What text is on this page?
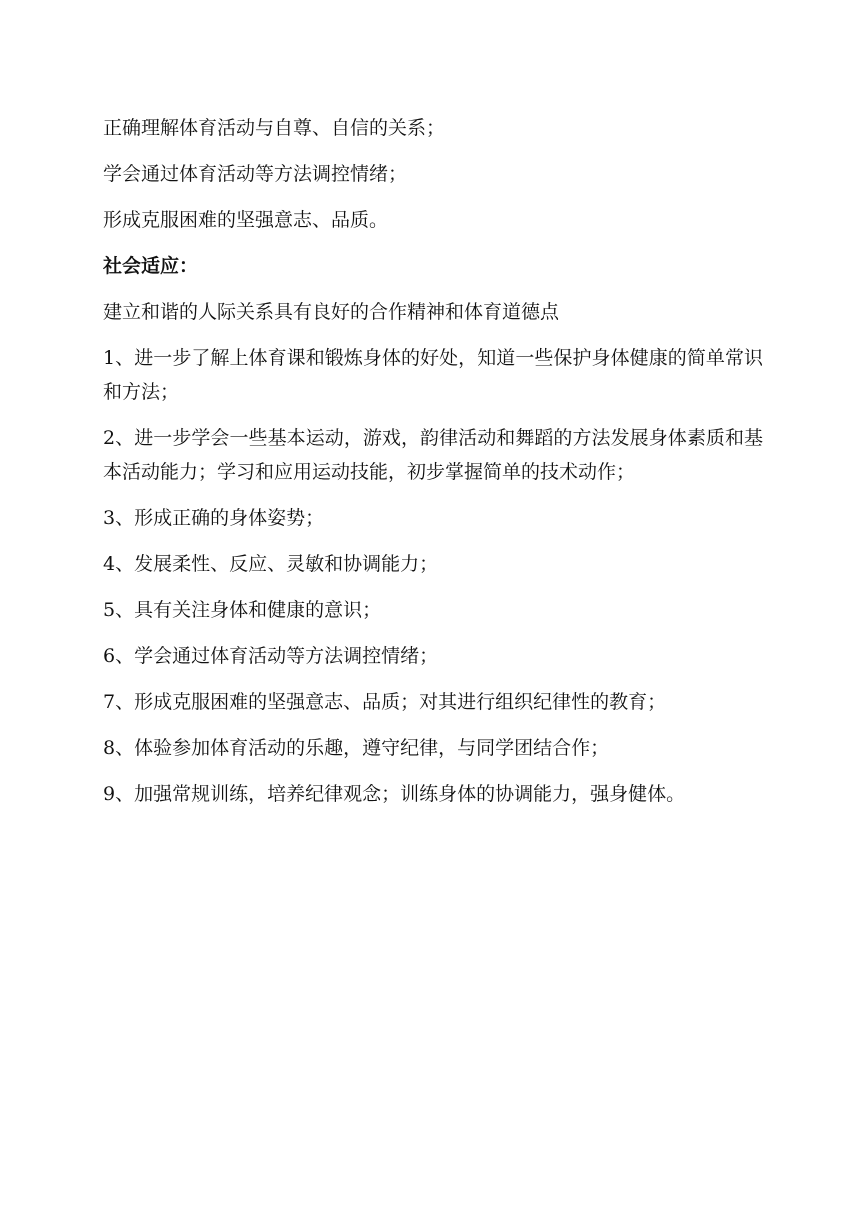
正确理解体育活动与自尊、自信的关系；
学会通过体育活动等方法调控情绪；
形成克服困难的坚强意志、品质。
社会适应：
建立和谐的人际关系具有良好的合作精神和体育道德点
1、进一步了解上体育课和锻炼身体的好处，知道一些保护身体健康的简单常识和方法；
2、进一步学会一些基本运动，游戏，韵律活动和舞蹈的方法发展身体素质和基本活动能力；学习和应用运动技能，初步掌握简单的技术动作；
3、形成正确的身体姿势；
4、发展柔性、反应、灵敏和协调能力；
5、具有关注身体和健康的意识；
6、学会通过体育活动等方法调控情绪；
7、形成克服困难的坚强意志、品质；对其进行组织纪律性的教育；
8、体验参加体育活动的乐趣，遵守纪律，与同学团结合作；
9、加强常规训练，培养纪律观念；训练身体的协调能力，强身健体。
